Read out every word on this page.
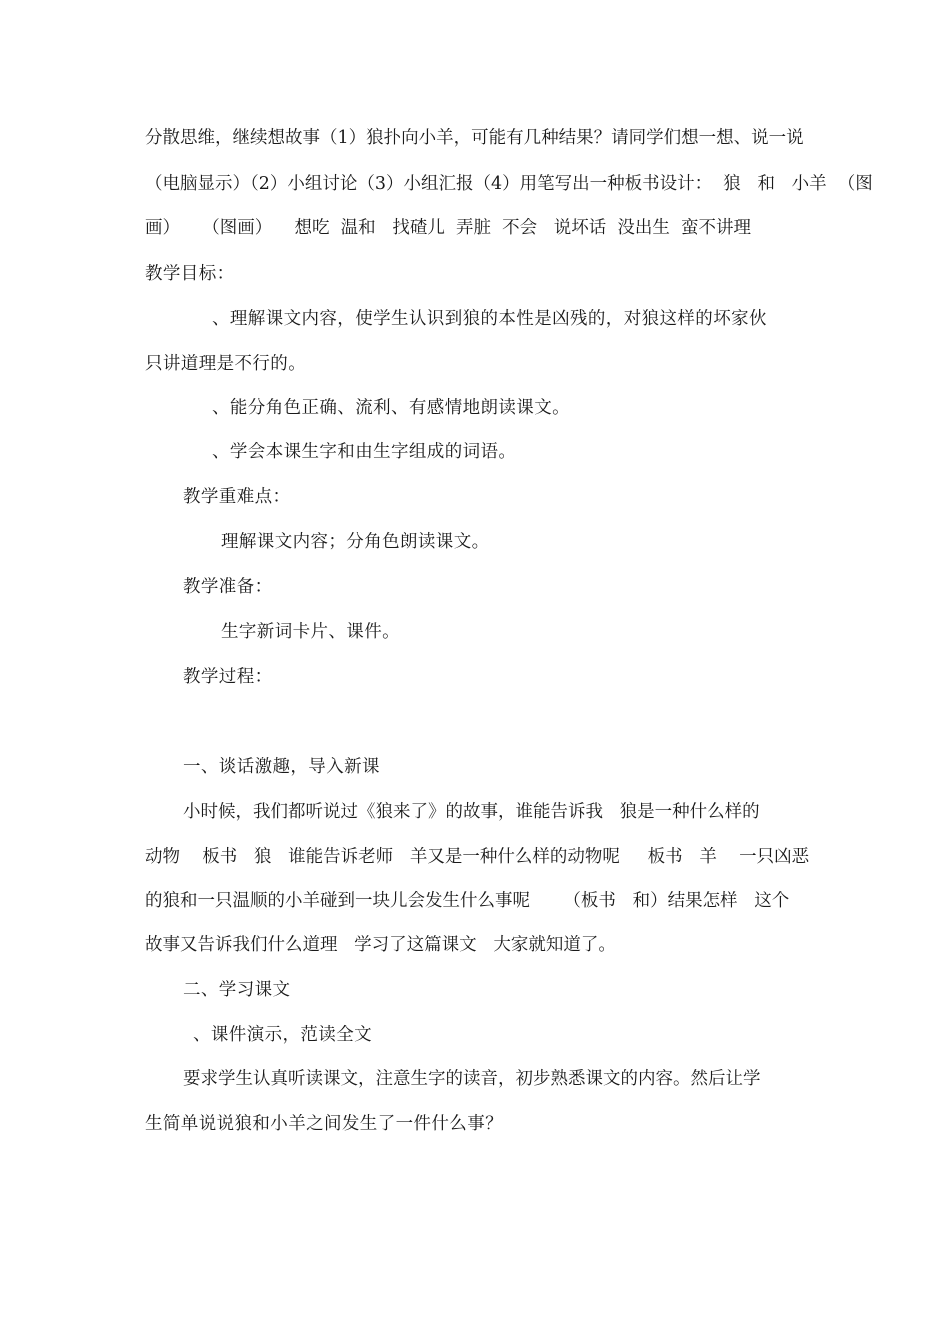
分散思维，继续想故事（1）狼扑向小羊，可能有几种结果？请同学们想一想、说一说
（电脑显示）（2）小组讨论（3）小组汇报（4）用笔写出一种板书设计：  狼   和   小羊  （图
画）    （图画）    想吃  温和   找碴儿  弄脏  不会   说坏话  没出生  蛮不讲理
教学目标：
、理解课文内容，使学生认识到狼的本性是凶残的，对狼这样的坏家伙
只讲道理是不行的。
、能分角色正确、流利、有感情地朗读课文。
、学会本课生字和由生字组成的词语。
教学重难点：
理解课文内容；分角色朗读课文。
教学准备：
生字新词卡片、课件。
教学过程：
一、谈话激趣，导入新课
小时候，我们都听说过《狼来了》的故事，谁能告诉我   狼是一种什么样的
动物    板书   狼   谁能告诉老师   羊又是一种什么样的动物呢     板书   羊    一只凶恶
的狼和一只温顺的小羊碰到一块儿会发生什么事呢      （板书   和）结果怎样   这个
故事又告诉我们什么道理   学习了这篇课文   大家就知道了。
二、学习课文
、课件演示，范读全文
要求学生认真听读课文，注意生字的读音，初步熟悉课文的内容。然后让学
生简单说说狼和小羊之间发生了一件什么事？
